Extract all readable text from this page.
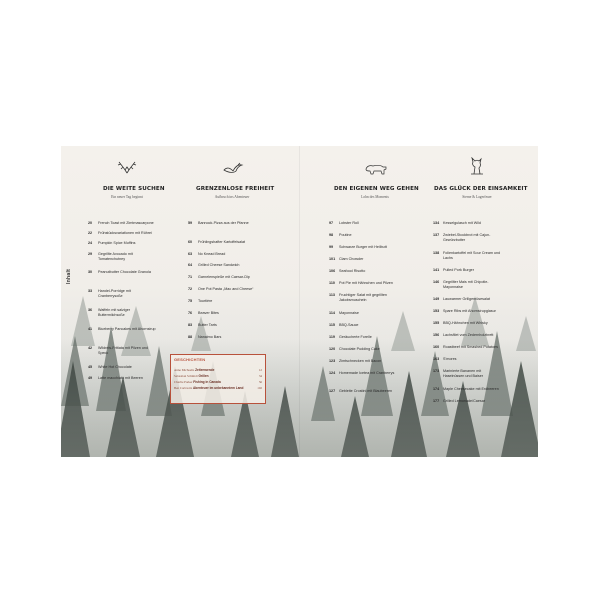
Inhalt
DIE WEITE SUCHEN
Ein neuer Tag beginnt
20	French Toast mit Zimtmascarpone
22	Frühstücksvariationen mit Rührei
24	Pumpkin Spice Muffins
29	Gegrillte Avocado mit Tomatenchutney
30	Peanutbutter Chocolate Granola
33	Handel-Porridge mit Cranberrysoße
36	Waffeln mit salziger Buttermilchsoße
41	Blueberry Pancakes mit Ahornsirup
42	Wildreis-Frittata mit Pilzen und Speck
45	White Hot Chocolate
49	Latte macchiato mit Beeren
GRENZENLOSE FREIHEIT
Aufbruch ins Abenteuer
59	Bannock-Pizza aus der Pfanne
60	Frühlingshafter Kartoffelsalat
63	No Knead Bread
64	Grilled Cheese Sandwich
71	Garnelenspieße mit Caesar-Dip
72	One Pot Pasta „Mac and Cheese“
75	Tourtière
76	Beaver Bites
83	Butter Tarts
88	Nanaimo Bars
GESCHICHTEN
Anne Michaelis Zeitenwende	12
Sebastian Schmidt Grillen	34
Charlie Parker Fishing in Canada	56
Ben Carlswitz Abenteuer im unbekanntem Land	102
DEN EIGENEN WEG GEHEN
Lohn des Moments
97	Lobster Roll
98	Poutine
99	Schwarze Burger mit Heilbutt
101	Clam Chowder
106	Seafood Risotto
110	Pot Pie mit Hähnchen und Pilzen
113	Fruchtiger Salat mit gegrillten Jakobsmuscheln
114	Mayonnaise
115	BBQ-Sauce
119	Geräucherte Forelle
120	Chocolate Pudding Cake
123	Zimtschnecken mit Bacon
124	Homemade Iceteа mit Cranberrys
127	Gebleite Crostini mit Blaubeeren
DAS GLÜCK DER EINSAMKEIT
Sterne & Lagerfeuer
134	Kesselgulasch mit Wild
137	Zwiebel-Stockbrot mit Cajun-Gewürzbutter
138	Folienkartoffel mit Sour Cream und Lachs
141	Pulled Pork Burger
146	Gegrillter Mais mit Chipotle-Mayonnaise
149	Lauwarmer Grillgemüsesalat
153	Spare Ribs mit Ahornsirupglasur
155	BBQ-Hähnchen mit Whisky
156	Lachsfilet vom Zedernholzbrett
160	Roastbeef mit Smashed Potatoes
163	S’mores
173	Marinierte Bananen mit Haselnüssen und Baiser
174	Maple Cheesecake mit Erdbeeren
177	Grilled Lemonade/Caesar
